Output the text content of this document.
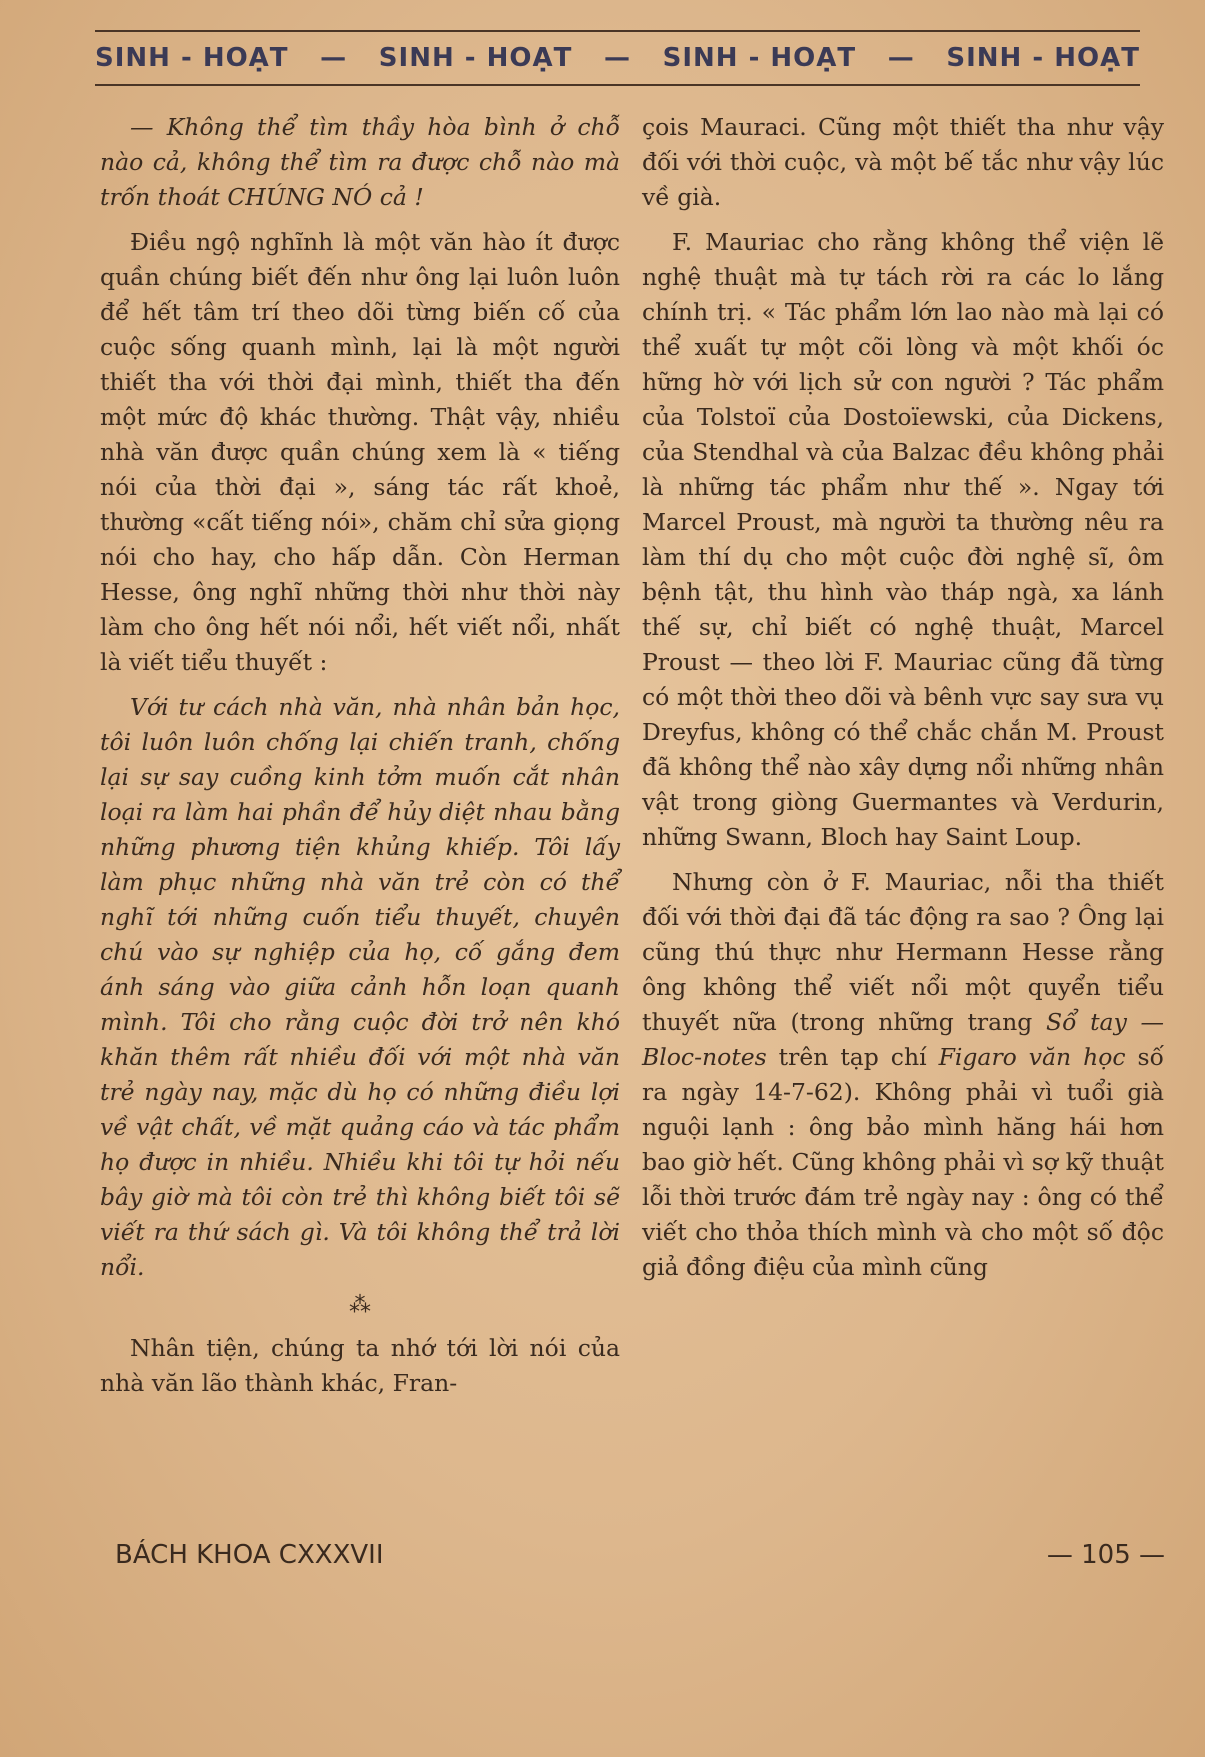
SINH - HOẠT — SINH - HOẠT — SINH - HOẠT — SINH - HOẠT

— Không thể tìm thầy hòa bình ở chỗ nào cả, không thể tìm ra được chỗ nào mà trốn thoát CHÚNG NÓ cả !

Điều ngộ nghĩnh là một văn hào ít được quần chúng biết đến như ông lại luôn luôn để hết tâm trí theo dõi từng biến cố của cuộc sống quanh mình, lại là một người thiết tha với thời đại mình, thiết tha đến một mức độ khác thường. Thật vậy, nhiều nhà văn được quần chúng xem là « tiếng nói của thời đại », sáng tác rất khoẻ, thường «cất tiếng nói», chăm chỉ sửa giọng nói cho hay, cho hấp dẫn. Còn Herman Hesse, ông nghĩ những thời như thời này làm cho ông hết nói nổi, hết viết nổi, nhất là viết tiểu thuyết :

Với tư cách nhà văn, nhà nhân bản học, tôi luôn luôn chống lại chiến tranh, chống lại sự say cuồng kinh tởm muốn cắt nhân loại ra làm hai phần để hủy diệt nhau bằng những phương tiện khủng khiếp. Tôi lấy làm phục những nhà văn trẻ còn có thể nghĩ tới những cuốn tiểu thuyết, chuyên chú vào sự nghiệp của họ, cố gắng đem ánh sáng vào giữa cảnh hỗn loạn quanh mình. Tôi cho rằng cuộc đời trở nên khó khăn thêm rất nhiều đối với một nhà văn trẻ ngày nay, mặc dù họ có những điều lợi về vật chất, về mặt quảng cáo và tác phẩm họ được in nhiều. Nhiều khi tôi tự hỏi nếu bây giờ mà tôi còn trẻ thì không biết tôi sẽ viết ra thứ sách gì. Và tôi không thể trả lời nổi.

⁂

Nhân tiện, chúng ta nhớ tới lời nói của nhà văn lão thành khác, Fran-

çois Mauraci. Cũng một thiết tha như vậy đối với thời cuộc, và một bế tắc như vậy lúc về già.

F. Mauriac cho rằng không thể viện lẽ nghệ thuật mà tự tách rời ra các lo lắng chính trị. « Tác phẩm lớn lao nào mà lại có thể xuất tự một cõi lòng và một khối óc hững hờ với lịch sử con người ? Tác phẩm của Tolstoï của Dostoïewski, của Dickens, của Stendhal và của Balzac đều không phải là những tác phẩm như thế ». Ngay tới Marcel Proust, mà người ta thường nêu ra làm thí dụ cho một cuộc đời nghệ sĩ, ôm bệnh tật, thu hình vào tháp ngà, xa lánh thế sự, chỉ biết có nghệ thuật, Marcel Proust — theo lời F. Mauriac cũng đã từng có một thời theo dõi và bênh vực say sưa vụ Dreyfus, không có thể chắc chắn M. Proust đã không thể nào xây dựng nổi những nhân vật trong giòng Guermantes và Verdurin, những Swann, Bloch hay Saint Loup.

Nhưng còn ở F. Mauriac, nỗi tha thiết đối với thời đại đã tác động ra sao ? Ông lại cũng thú thực như Hermann Hesse rằng ông không thể viết nổi một quyển tiểu thuyết nữa (trong những trang Sổ tay — Bloc-notes trên tạp chí Figaro văn học số ra ngày 14-7-62). Không phải vì tuổi già nguội lạnh : ông bảo mình hăng hái hơn bao giờ hết. Cũng không phải vì sợ kỹ thuật lỗi thời trước đám trẻ ngày nay : ông có thể viết cho thỏa thích mình và cho một số độc giả đồng điệu của mình cũng

BÁCH KHOA CXXXVII	— 105 —
